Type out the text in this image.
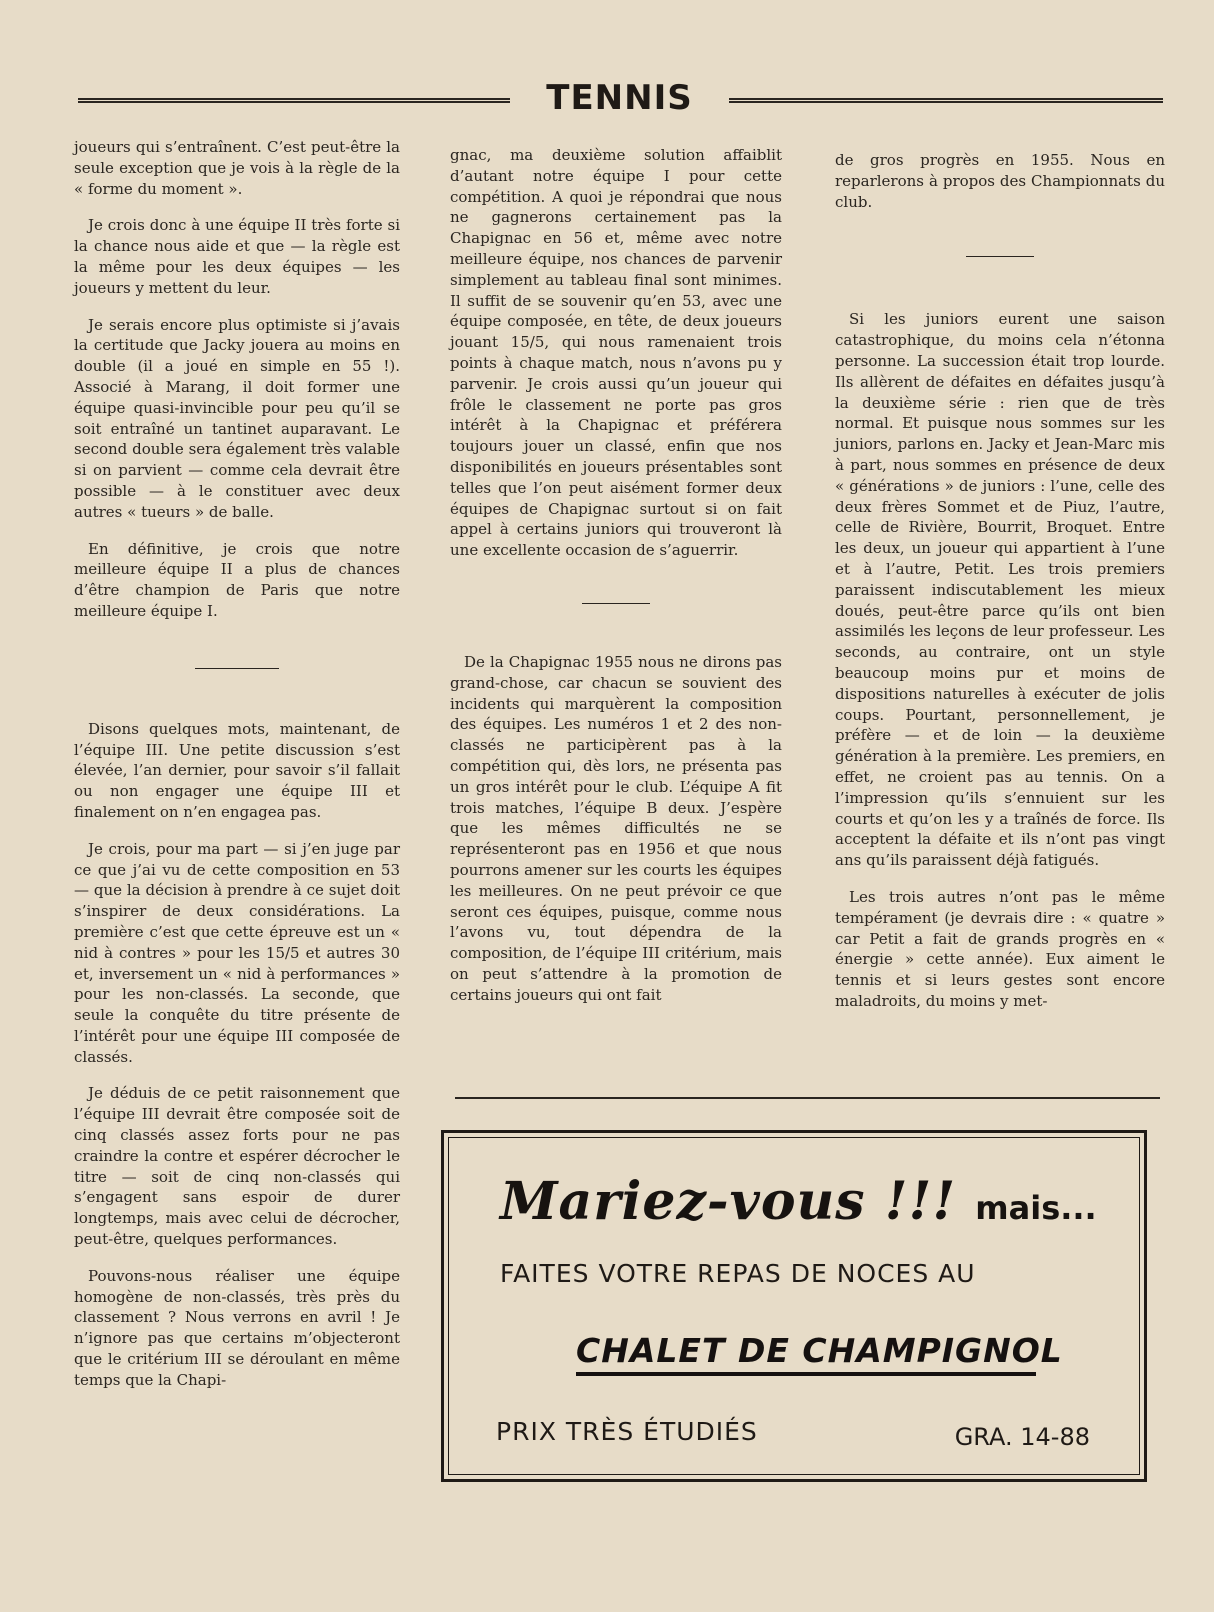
TENNIS

joueurs qui s’entraînent. C’est peut-être la seule exception que je vois à la règle de la « forme du moment ».

Je crois donc à une équipe II très forte si la chance nous aide et que — la règle est la même pour les deux équipes — les joueurs y mettent du leur.

Je serais encore plus optimiste si j’avais la certitude que Jacky jouera au moins en double (il a joué en simple en 55 !). Associé à Marang, il doit former une équipe quasi-invincible pour peu qu’il se soit entraîné un tantinet auparavant. Le second double sera également très valable si on parvient — comme cela devrait être possible — à le constituer avec deux autres « tueurs » de balle.

En définitive, je crois que notre meilleure équipe II a plus de chances d’être champion de Paris que notre meilleure équipe I.

Disons quelques mots, maintenant, de l’équipe III. Une petite discussion s’est élevée, l’an dernier, pour savoir s’il fallait ou non engager une équipe III et finalement on n’en engagea pas.

Je crois, pour ma part — si j’en juge par ce que j’ai vu de cette composition en 53 — que la décision à prendre à ce sujet doit s’inspirer de deux considérations. La première c’est que cette épreuve est un « nid à contres » pour les 15/5 et autres 30 et, inversement un « nid à performances » pour les non-classés. La seconde, que seule la conquête du titre présente de l’intérêt pour une équipe III composée de classés.

Je déduis de ce petit raisonnement que l’équipe III devrait être composée soit de cinq classés assez forts pour ne pas craindre la contre et espérer décrocher le titre — soit de cinq non-classés qui s’engagent sans espoir de durer longtemps, mais avec celui de décrocher, peut-être, quelques performances.

Pouvons-nous réaliser une équipe homogène de non-classés, très près du classement ? Nous verrons en avril ! Je n’ignore pas que certains m’objecteront que le critérium III se déroulant en même temps que la Chapi-

gnac, ma deuxième solution affaiblit d’autant notre équipe I pour cette compétition. A quoi je répondrai que nous ne gagnerons certainement pas la Chapignac en 56 et, même avec notre meilleure équipe, nos chances de parvenir simplement au tableau final sont minimes. Il suffit de se souvenir qu’en 53, avec une équipe composée, en tête, de deux joueurs jouant 15/5, qui nous ramenaient trois points à chaque match, nous n’avons pu y parvenir. Je crois aussi qu’un joueur qui frôle le classement ne porte pas gros intérêt à la Chapignac et préférera toujours jouer un classé, enfin que nos disponibilités en joueurs présentables sont telles que l’on peut aisément former deux équipes de Chapignac surtout si on fait appel à certains juniors qui trouveront là une excellente occasion de s’aguerrir.

De la Chapignac 1955 nous ne dirons pas grand-chose, car chacun se souvient des incidents qui marquèrent la composition des équipes. Les numéros 1 et 2 des non-classés ne participèrent pas à la compétition qui, dès lors, ne présenta pas un gros intérêt pour le club. L’équipe A fit trois matches, l’équipe B deux. J’espère que les mêmes difficultés ne se représenteront pas en 1956 et que nous pourrons amener sur les courts les équipes les meilleures. On ne peut prévoir ce que seront ces équipes, puisque, comme nous l’avons vu, tout dépendra de la composition, de l’équipe III critérium, mais on peut s’attendre à la promotion de certains joueurs qui ont fait

de gros progrès en 1955. Nous en reparlerons à propos des Championnats du club.

Si les juniors eurent une saison catastrophique, du moins cela n’étonna personne. La succession était trop lourde. Ils allèrent de défaites en défaites jusqu’à la deuxième série : rien que de très normal. Et puisque nous sommes sur les juniors, parlons en. Jacky et Jean-Marc mis à part, nous sommes en présence de deux « générations » de juniors : l’une, celle des deux frères Sommet et de Piuz, l’autre, celle de Rivière, Bourrit, Broquet. Entre les deux, un joueur qui appartient à l’une et à l’autre, Petit. Les trois premiers paraissent indiscutablement les mieux doués, peut-être parce qu’ils ont bien assimilés les leçons de leur professeur. Les seconds, au contraire, ont un style beaucoup moins pur et moins de dispositions naturelles à exécuter de jolis coups. Pourtant, personnellement, je préfère — et de loin — la deuxième génération à la première. Les premiers, en effet, ne croient pas au tennis. On a l’impression qu’ils s’ennuient sur les courts et qu’on les y a traînés de force. Ils acceptent la défaite et ils n’ont pas vingt ans qu’ils paraissent déjà fatigués.

Les trois autres n’ont pas le même tempérament (je devrais dire : « quatre » car Petit a fait de grands progrès en « énergie » cette année). Eux aiment le tennis et si leurs gestes sont encore maladroits, du moins y met-

Mariez-vous !!! mais...
FAITES VOTRE REPAS DE NOCES AU
CHALET DE CHAMPIGNOL
PRIX TRÈS ÉTUDIÉS	GRA. 14-88
